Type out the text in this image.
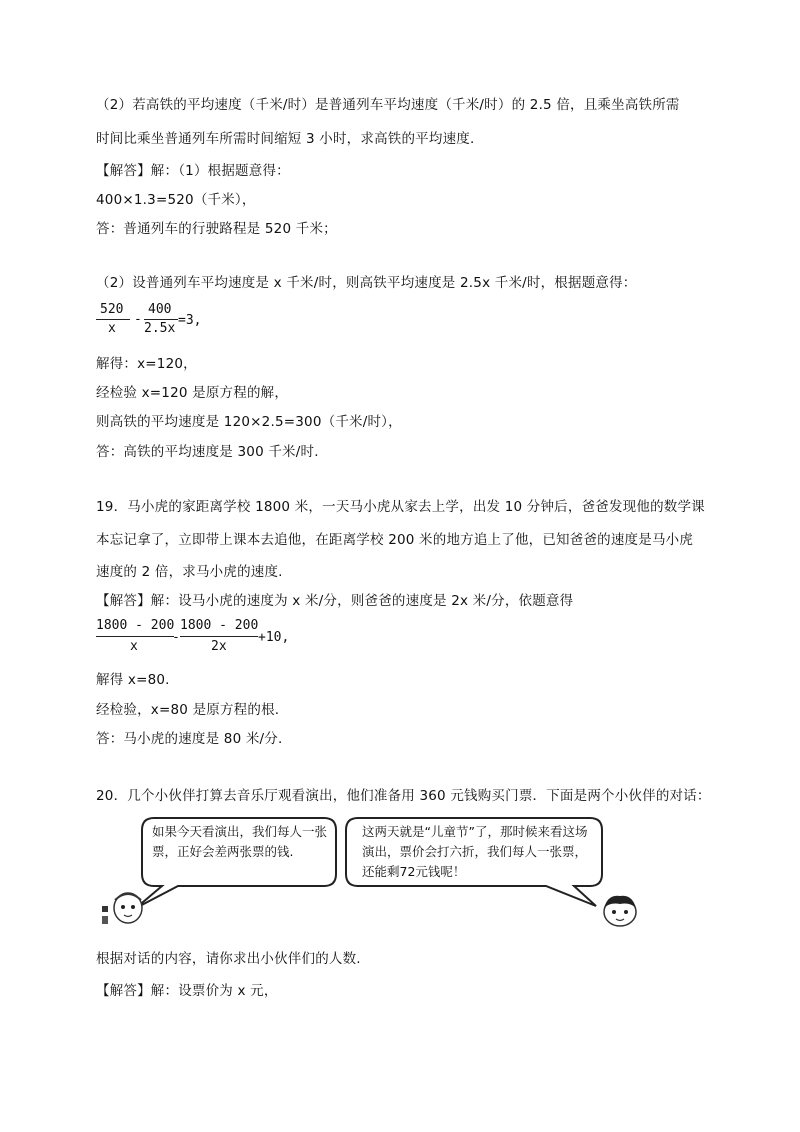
（2）若高铁的平均速度（千米/时）是普通列车平均速度（千米/时）的 2.5 倍，且乘坐高铁所需
时间比乘坐普通列车所需时间缩短 3 小时，求高铁的平均速度.
【解答】解：（1）根据题意得：
400×1.3=520（千米），
答：普通列车的行驶路程是 520 千米；
（2）设普通列车平均速度是 x 千米/时，则高铁平均速度是 2.5x 千米/时，根据题意得：
520
x
-
400
2.5x
=3,
解得：x=120，
经检验 x=120 是原方程的解，
则高铁的平均速度是 120×2.5=300（千米/时），
答：高铁的平均速度是 300 千米/时.
19．马小虎的家距离学校 1800 米，一天马小虎从家去上学，出发 10 分钟后，爸爸发现他的数学课
本忘记拿了，立即带上课本去追他，在距离学校 200 米的地方追上了他，已知爸爸的速度是马小虎
速度的 2 倍，求马小虎的速度.
【解答】解：设马小虎的速度为 x 米/分，则爸爸的速度是 2x 米/分，依题意得
1800 - 200
x
-
1800 - 200
2x
+10,
解得 x=80.
经检验，x=80 是原方程的根.
答：马小虎的速度是 80 米/分.
20．几个小伙伴打算去音乐厅观看演出，他们准备用 360 元钱购买门票．下面是两个小伙伴的对话：
如果今天看演出，我们每人一张票，正好会差两张票的钱.
这两天就是“儿童节”了，那时候来看这场演出，票价会打六折，我们每人一张票，还能剩72元钱呢！
根据对话的内容，请你求出小伙伴们的人数.
【解答】解：设票价为 x 元，
